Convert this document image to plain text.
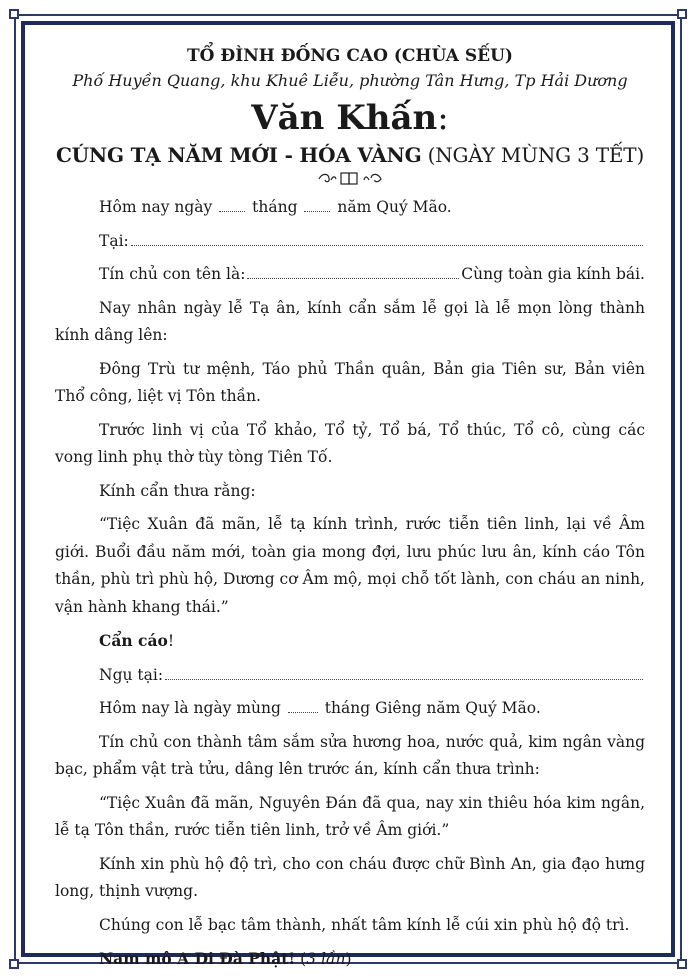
TỔ ĐÌNH ĐỐNG CAO (CHÙA SẾU)
Phố Huyền Quang, khu Khuê Liễu, phường Tân Hưng, Tp Hải Dương
Văn Khấn:
CÚNG TẠ NĂM MỚI - HÓA VÀNG (NGÀY MÙNG 3 TẾT)

Hôm nay ngày	tháng	năm Quý Mão.

Tại:

Tín chủ con tên là:	Cùng toàn gia kính bái.

Nay nhân ngày lễ Tạ ân, kính cẩn sắm lễ gọi là lễ mọn lòng thành kính dâng lên:

Đông Trù tư mệnh, Táo phủ Thần quân, Bản gia Tiên sư, Bản viên Thổ công, liệt vị Tôn thần.

Trước linh vị của Tổ khảo, Tổ tỷ, Tổ bá, Tổ thúc, Tổ cô, cùng các vong linh phụ thờ tùy tòng Tiên Tố.

Kính cẩn thưa rằng:

“Tiệc Xuân đã mãn, lễ tạ kính trình, rước tiễn tiên linh, lại về Âm giới. Buổi đầu năm mới, toàn gia mong đợi, lưu phúc lưu ân, kính cáo Tôn thần, phù trì phù hộ, Dương cơ Âm mộ, mọi chỗ tốt lành, con cháu an ninh, vận hành khang thái.”

Cẩn cáo!

Ngụ tại:

Hôm nay là ngày mùng	tháng Giêng năm Quý Mão.

Tín chủ con thành tâm sắm sửa hương hoa, nước quả, kim ngân vàng bạc, phẩm vật trà tửu, dâng lên trước án, kính cẩn thưa trình:

“Tiệc Xuân đã mãn, Nguyên Đán đã qua, nay xin thiêu hóa kim ngân, lễ tạ Tôn thần, rước tiễn tiên linh, trở về Âm giới.”

Kính xin phù hộ độ trì, cho con cháu được chữ Bình An, gia đạo hưng long, thịnh vượng.

Chúng con lễ bạc tâm thành, nhất tâm kính lễ cúi xin phù hộ độ trì.

Nam mô A Di Đà Phật! (3 lần)
